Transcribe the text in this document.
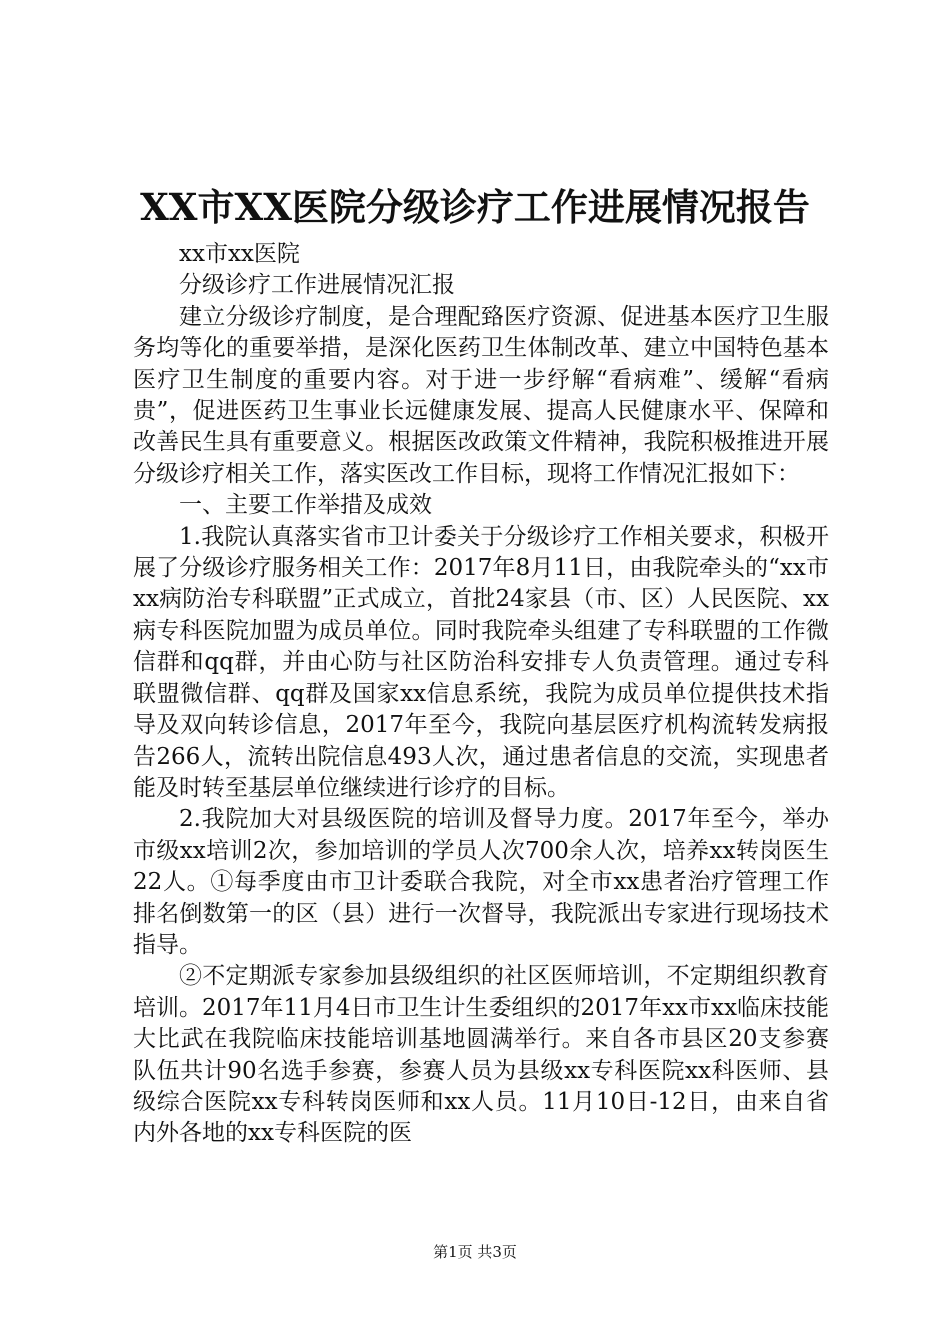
XX市XX医院分级诊疗工作进展情况报告

xx市xx医院

分级诊疗工作进展情况汇报

建立分级诊疗制度，是合理配臵医疗资源、促进基本医疗卫生服务均等化的重要举措，是深化医药卫生体制改革、建立中国特色基本医疗卫生制度的重要内容。对于进一步纾解“看病难”、缓解“看病贵”，促进医药卫生事业长远健康发展、提高人民健康水平、保障和改善民生具有重要意义。根据医改政策文件精神，我院积极推进开展分级诊疗相关工作，落实医改工作目标，现将工作情况汇报如下：

一、主要工作举措及成效

1.我院认真落实省市卫计委关于分级诊疗工作相关要求，积极开展了分级诊疗服务相关工作：2017年8月11日，由我院牵头的“xx市xx病防治专科联盟”正式成立，首批24家县（市、区）人民医院、xx病专科医院加盟为成员单位。同时我院牵头组建了专科联盟的工作微信群和qq群，并由心防与社区防治科安排专人负责管理。通过专科联盟微信群、qq群及国家xx信息系统，我院为成员单位提供技术指导及双向转诊信息，2017年至今，我院向基层医疗机构流转发病报告266人，流转出院信息493人次，通过患者信息的交流，实现患者能及时转至基层单位继续进行诊疗的目标。

2.我院加大对县级医院的培训及督导力度。2017年至今，举办市级xx培训2次，参加培训的学员人次700余人次，培养xx转岗医生22人。①每季度由市卫计委联合我院，对全市xx患者治疗管理工作排名倒数第一的区（县）进行一次督导，我院派出专家进行现场技术指导。

②不定期派专家参加县级组织的社区医师培训，不定期组织教育培训。2017年11月4日市卫生计生委组织的2017年xx市xx临床技能大比武在我院临床技能培训基地圆满举行。来自各市县区20支参赛队伍共计90名选手参赛，参赛人员为县级xx专科医院xx科医师、县级综合医院xx专科转岗医师和xx人员。11月10日-12日，由来自省内外各地的xx专科医院的医

第1页 共3页
